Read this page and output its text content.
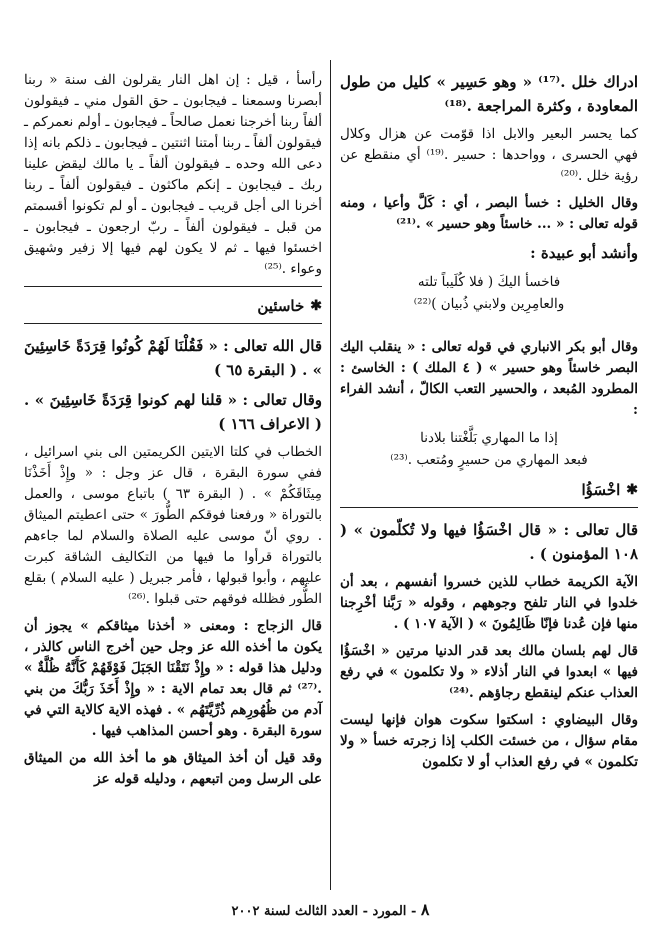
ادراك خلل .⁽¹⁷⁾ « وهو حَسِير » كليل من طول المعاودة ، وكثرة المراجعة .⁽¹⁸⁾

كما يحسر البعير والابل اذا قوّمت عن هزال وكلال فهي الحسرى ، وواحدها : حسير .⁽¹⁹⁾ أي منقطع عن رؤية خلل .⁽²⁰⁾

وقال الخليل : خسأ البصر ، أي : كَلَّ وأعيا ، ومنه قوله تعالى : « ... خاسئاً وهو حسير » .⁽²¹⁾

وأنشد أبو عبيدة :

فاخسأ اليكَ ( فلا كُلَيباً تلته
والعامِرِين ولابني ذُبيان )⁽²²⁾

وقال أبو بكر الانباري في قوله تعالى : « ينقلب اليك البصر خاسئاً وهو حسير » ( ٤ الملك ) : الخاسئ : المطرود المُبعد ، والحسير التعب الكالّ ، أنشد الفراء :

إذا ما المهاري بَلَّغْتنا بلادنا
فبعد المهاري من حسيرٍ ومُتعب .⁽²³⁾
✱
اخْسَؤُا

قال تعالى : « قال اخْسَؤُا فيها ولا تُكلّمون » ( ١٠٨ المؤمنون ) .

الآية الكريمة خطاب للذين خسروا أنفسهم ، بعد أن خلدوا في النار تلفح وجوههم ، وقوله « رَبَّنا أخْرِجنا منها فإن عُدنا فإنّا ظَالِمُونَ » ( الآية ١٠٧ ) .

قال لهم بلسان مالك بعد قدر الدنيا مرتين « اخْسَؤُا فيها » ابعدوا في النار أذلاء « ولا تكلمون » في رفع العذاب عنكم لينقطع رجاؤهم .⁽²⁴⁾

وقال البيضاوي : اسكتوا سكوت هوان فإنها ليست مقام سؤال ، من خسئت الكلب إذا زجرته خسأ « ولا تكلمون » في رفع العذاب أو لا تكلمون

رأسأ ، قيل : إن اهل النار يقرلون الف سنة « ربنا أبصرنا وسمعنا ـ فيجابون ـ حق القول مني ـ فيقولون ألفاً ربنا أخرجنا نعمل صالحاً ـ فيجابون ـ أولم نعمركم ـ فيقولون ألفاً ـ ربنا أمتنا اثنتين ـ فيجابون ـ ذلكم بانه إذا دعى الله وحده ـ فيقولون ألفاً ـ يا مالك ليقض علينا ربك ـ فيجابون ـ إنكم ماكثون ـ فيقولون ألفاً ـ ربنا أخرنا الى أجل قريب ـ فيجابون ـ أو لم تكونوا أقسمتم من قبل ـ فيقولون ألفاً ـ ربّ ارجعون ـ فيجابون ـ اخسئوا فيها ـ ثم لا يكون لهم فيها إلا زفير وشهيق وعواء .⁽²⁵⁾

✱
خاسئين

قال الله تعالى : « فَقُلْنَا لَهُمْ كُونُوا قِرَدَةً خَاسِئِينَ » . ( البقرة ٦٥ )

وقال تعالى : « قلنا لهم كونوا قِرَدَةً خَاسِئِينَ » . ( الاعراف ١٦٦ )

الخطاب في كلتا الايتين الكريمتين الى بني اسرائيل ، ففي سورة البقرة ، قال عز وجل : « وإِذْ أَخَذْنَا مِيثَاقَكُمْ » . ( البقرة ٦٣ ) باتباع موسى ، والعمل بالتوراة « ورفعنا فوقكم الطُّورَ » حتى اعطيتم الميثاق . روي أنّ موسى عليه الصلاة والسلام لما جاءهم بالتوراة قرأوا ما فيها من التكاليف الشاقة كبرت عليهم ، وأبوا قبولها ، فأمر جبريل ( عليه السلام ) بقلع الطُّور فظلله فوقهم حتى قبلوا .⁽²⁶⁾

قال الزجاج : ومعنى « أخذنا ميثاقكم » يجوز أن يكون ما أخذه الله عز وجل حين أخرج الناس كالذر ، ودليل هذا قوله : « وإِذْ نَتَقْنَا الجَبَلَ فَوْقَهُمْ كَأَنَّهُ ظُلَّةٌ » .⁽²⁷⁾ ثم قال بعد تمام الاية : « وإِذْ أَخَذَ رَبُّكَ من بني آدم من ظُهُورِهم ذُرِّيَّتَهُم » . فهذه الاية كالاية التي في سورة البقرة . وهو أحسن المذاهب فيها .

وقد قيل أن أخذ الميثاق هو ما أخذ الله من الميثاق على الرسل ومن اتبعهم ، ودليله قوله عز

٨ - المورد - العدد الثالث لسنة ٢٠٠٢
